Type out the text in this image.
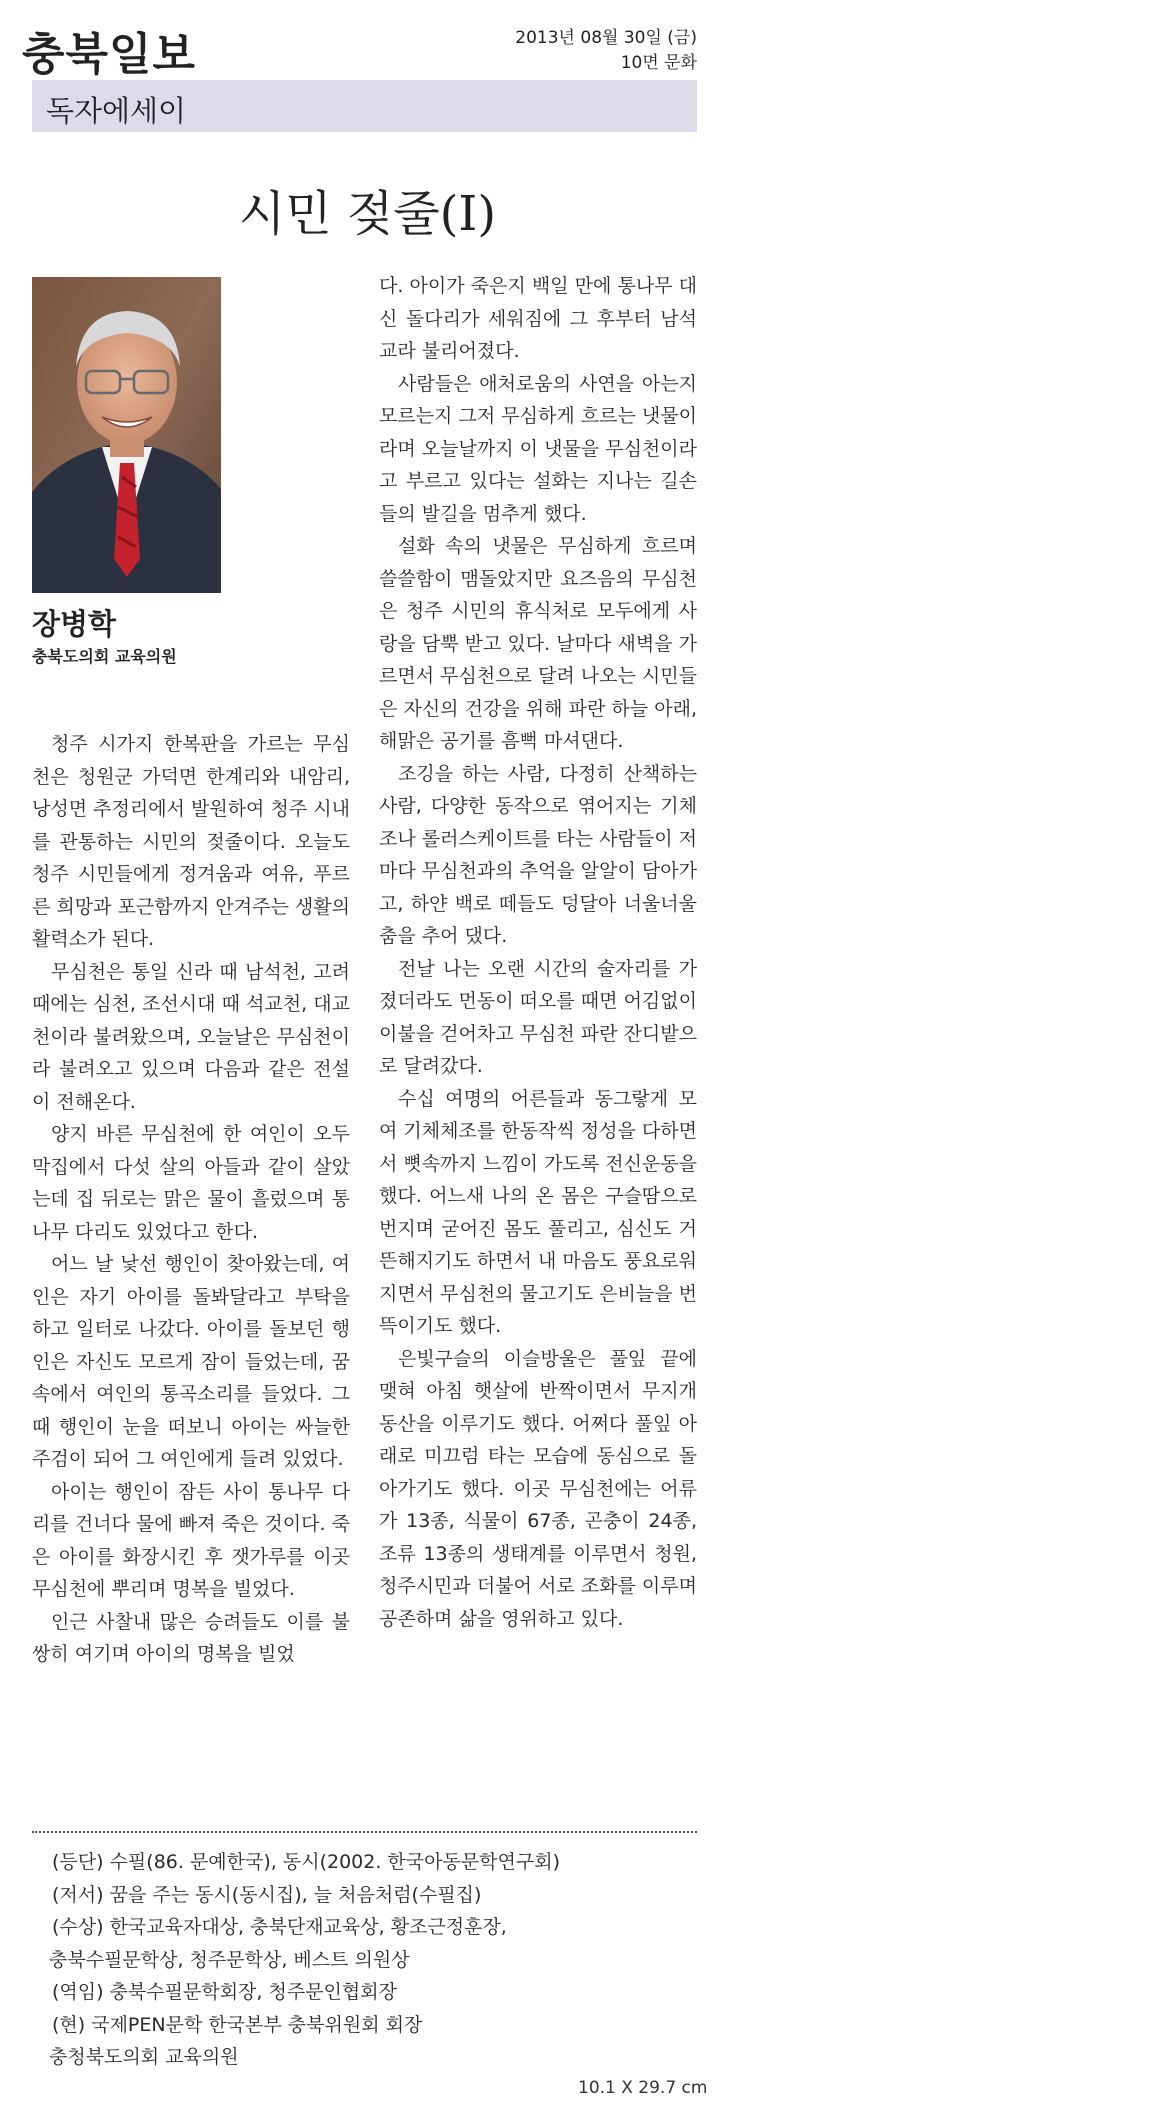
충북일보	2013년 08월 30일 (금)
10면 문화
독자에세이
시민 젖줄(Ⅰ)
장병학
충북도의회 교육의원

청주 시가지 한복판을 가르는 무심천은 청원군 가덕면 한계리와 내암리, 낭성면 추정리에서 발원하여 청주 시내를 관통하는 시민의 젖줄이다. 오늘도 청주 시민들에게 정겨움과 여유, 푸르른 희망과 포근함까지 안겨주는 생활의 활력소가 된다.

무심천은 통일 신라 때 남석천, 고려 때에는 심천, 조선시대 때 석교천, 대교천이라 불려왔으며, 오늘날은 무심천이라 불려오고 있으며 다음과 같은 전설이 전해온다.

양지 바른 무심천에 한 여인이 오두막집에서 다섯 살의 아들과 같이 살았는데 집 뒤로는 맑은 물이 흘렀으며 통나무 다리도 있었다고 한다.

어느 날 낯선 행인이 찾아왔는데, 여인은 자기 아이를 돌봐달라고 부탁을 하고 일터로 나갔다. 아이를 돌보던 행인은 자신도 모르게 잠이 들었는데, 꿈 속에서 여인의 통곡소리를 들었다. 그 때 행인이 눈을 떠보니 아이는 싸늘한 주검이 되어 그 여인에게 들려 있었다.

아이는 행인이 잠든 사이 통나무 다리를 건너다 물에 빠져 죽은 것이다. 죽은 아이를 화장시킨 후 잿가루를 이곳 무심천에 뿌리며 명복을 빌었다.

인근 사찰내 많은 승려들도 이를 불쌍히 여기며 아이의 명복을 빌었

다. 아이가 죽은지 백일 만에 통나무 대신 돌다리가 세워짐에 그 후부터 남석교라 불리어졌다.

사람들은 애처로움의 사연을 아는지 모르는지 그저 무심하게 흐르는 냇물이라며 오늘날까지 이 냇물을 무심천이라고 부르고 있다는 설화는 지나는 길손들의 발길을 멈추게 했다.

설화 속의 냇물은 무심하게 흐르며 쓸쓸함이 맴돌았지만 요즈음의 무심천은 청주 시민의 휴식처로 모두에게 사랑을 담뿍 받고 있다. 날마다 새벽을 가르면서 무심천으로 달려 나오는 시민들은 자신의 건강을 위해 파란 하늘 아래, 해맑은 공기를 흠뻑 마셔댄다.

조깅을 하는 사람, 다정히 산책하는 사람, 다양한 동작으로 엮어지는 기체조나 롤러스케이트를 타는 사람들이 저마다 무심천과의 추억을 알알이 담아가고, 하얀 백로 떼들도 덩달아 너울너울 춤을 추어 댔다.

전날 나는 오랜 시간의 술자리를 가졌더라도 먼동이 떠오를 때면 어김없이 이불을 걷어차고 무심천 파란 잔디밭으로 달려갔다.

수십 여명의 어른들과 동그랗게 모여 기체체조를 한동작씩 정성을 다하면서 뼛속까지 느낌이 가도록 전신운동을 했다. 어느새 나의 온 몸은 구슬땀으로 번지며 굳어진 몸도 풀리고, 심신도 거뜬해지기도 하면서 내 마음도 풍요로워지면서 무심천의 물고기도 은비늘을 번뜩이기도 했다.

은빛구슬의 이슬방울은 풀잎 끝에 맺혀 아침 햇살에 반짝이면서 무지개 동산을 이루기도 했다. 어쩌다 풀잎 아래로 미끄럼 타는 모습에 동심으로 돌아가기도 했다. 이곳 무심천에는 어류가 13종, 식물이 67종, 곤충이 24종, 조류 13종의 생태계를 이루면서 청원, 청주시민과 더불어 서로 조화를 이루며 공존하며 삶을 영위하고 있다.

(등단) 수필(86. 문예한국), 동시(2002. 한국아동문학연구회)
(저서) 꿈을 주는 동시(동시집), 늘 처음처럼(수필집)
(수상) 한국교육자대상, 충북단재교육상, 황조근정훈장,
충북수필문학상, 청주문학상, 베스트 의원상
(역임) 충북수필문학회장, 청주문인협회장
(현) 국제PEN문학 한국본부 충북위원회 회장
충청북도의회 교육의원
10.1 X 29.7 cm
